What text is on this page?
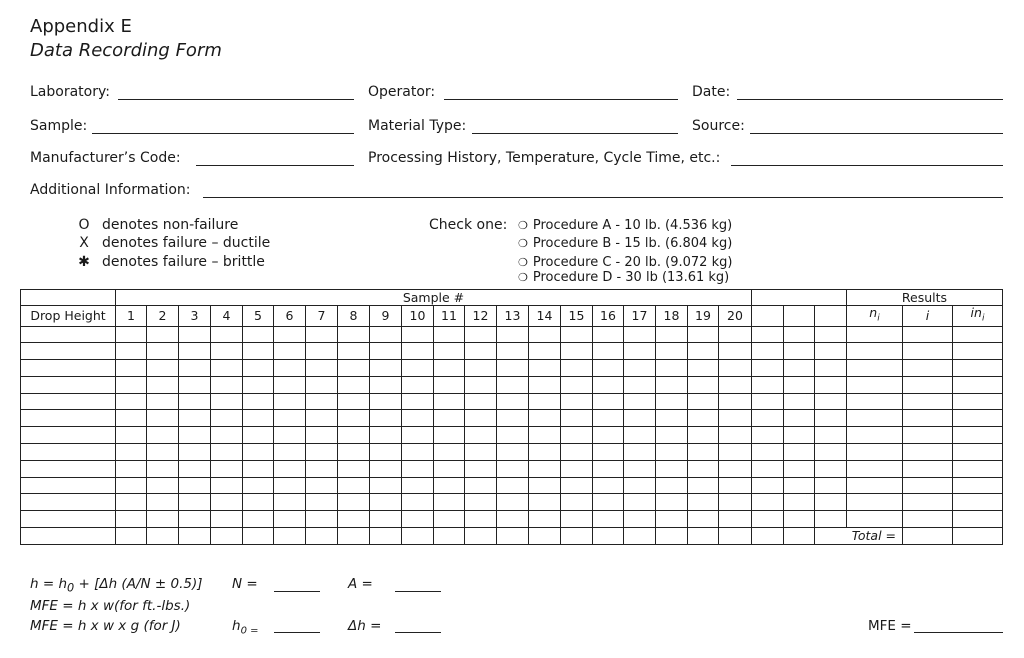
Appendix E
Data Recording Form
Laboratory:	Operator:	Date:
Sample:	Material Type:	Source:
Manufacturer’s Code:	Processing History, Temperature, Cycle Time, etc.:
Additional Information:
O denotes non-failure
X denotes failure – ductile
✱ denotes failure – brittle
Check one: ❍ Procedure A - 10 lb. (4.536 kg)
❍ Procedure B - 15 lb. (6.804 kg)
❍ Procedure C - 20 lb. (9.072 kg)
❍ Procedure D - 30 lb (13.61 kg)
	Sample #																							Results		
Drop Height	1	2	3	4	5	6	7	8	9	10	11	12	13	14	15	16	17	18	19	20				$n_i$	i	$in_i$

																							Total =			
$h = h_0 + [\Delta h$ (A/N ± 0.5)]
MFE = h x w(for ft.-lbs.)
MFE = h x w x g (for J)
N =	A =
$h_{0 =}$	Δh =	MFE =
